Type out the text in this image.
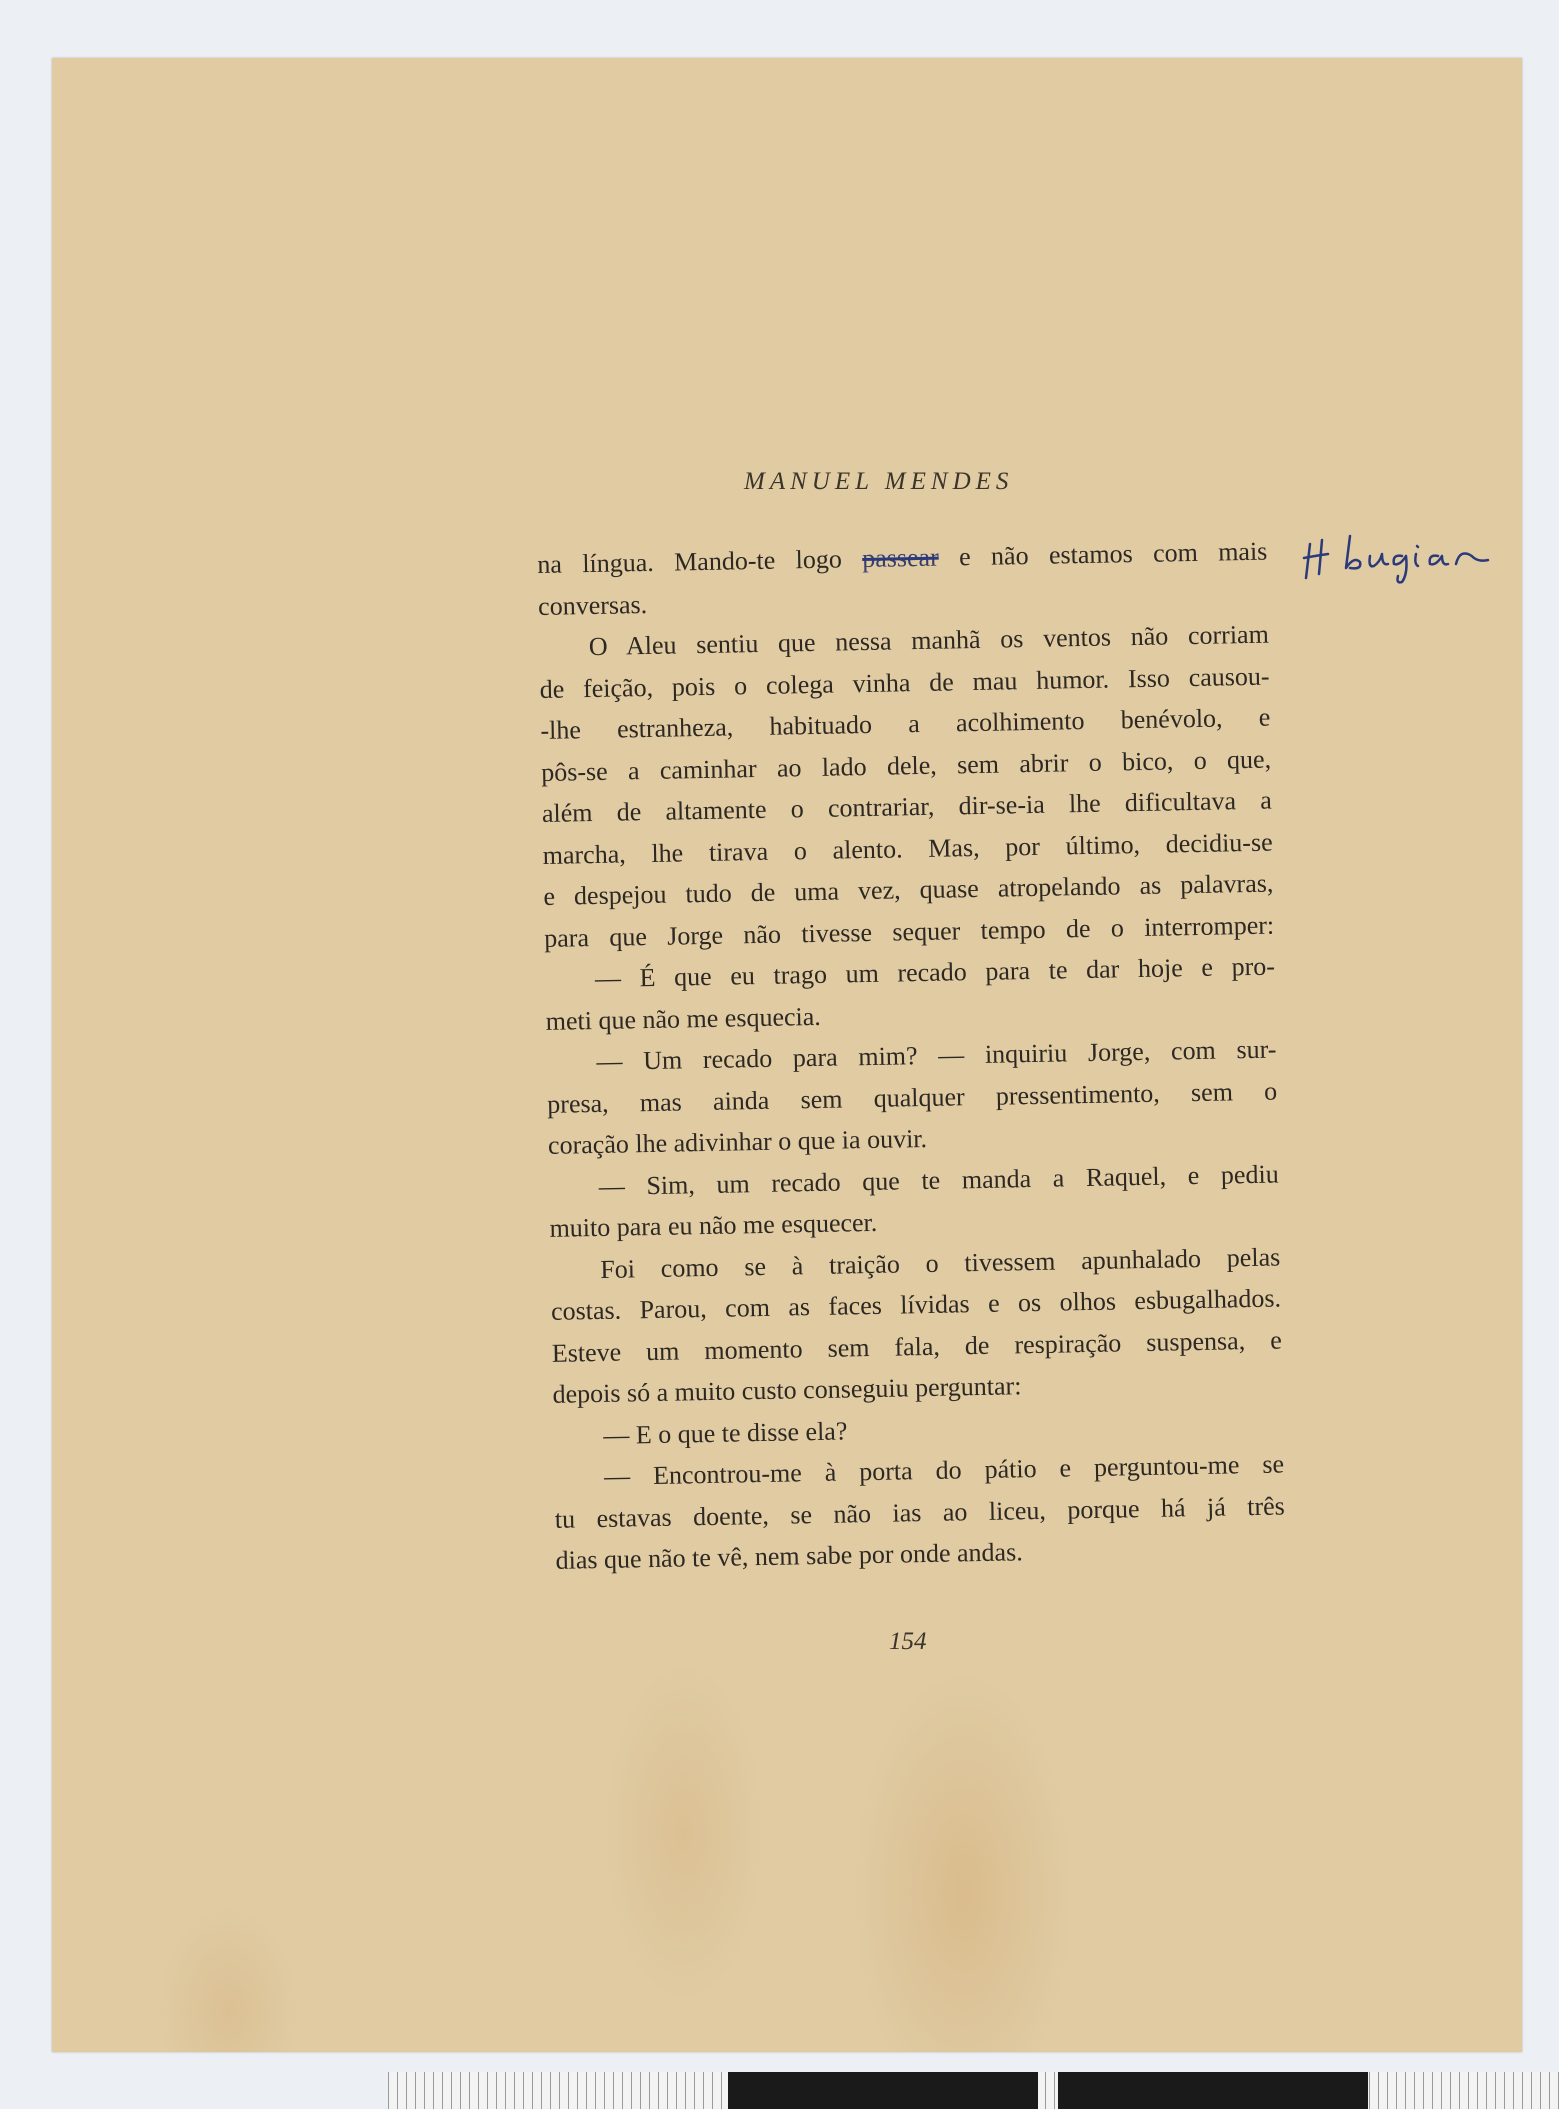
MANUEL MENDES
na língua. Mando-te logo passear e não estamos com mais
conversas.
O Aleu sentiu que nessa manhã os ventos não corriam
de feição, pois o colega vinha de mau humor. Isso causou-
-lhe estranheza, habituado a acolhimento benévolo, e
pôs-se a caminhar ao lado dele, sem abrir o bico, o que,
além de altamente o contrariar, dir-se-ia lhe dificultava a
marcha, lhe tirava o alento. Mas, por último, decidiu-se
e despejou tudo de uma vez, quase atropelando as palavras,
para que Jorge não tivesse sequer tempo de o interromper:
— É que eu trago um recado para te dar hoje e pro-
meti que não me esquecia.
— Um recado para mim? — inquiriu Jorge, com sur-
presa, mas ainda sem qualquer pressentimento, sem o
coração lhe adivinhar o que ia ouvir.
— Sim, um recado que te manda a Raquel, e pediu
muito para eu não me esquecer.
Foi como se à traição o tivessem apunhalado pelas
costas. Parou, com as faces lívidas e os olhos esbugalhados.
Esteve um momento sem fala, de respiração suspensa, e
depois só a muito custo conseguiu perguntar:
— E o que te disse ela?
— Encontrou-me à porta do pátio e perguntou-me se
tu estavas doente, se não ias ao liceu, porque há já três
dias que não te vê, nem sabe por onde andas.
154
